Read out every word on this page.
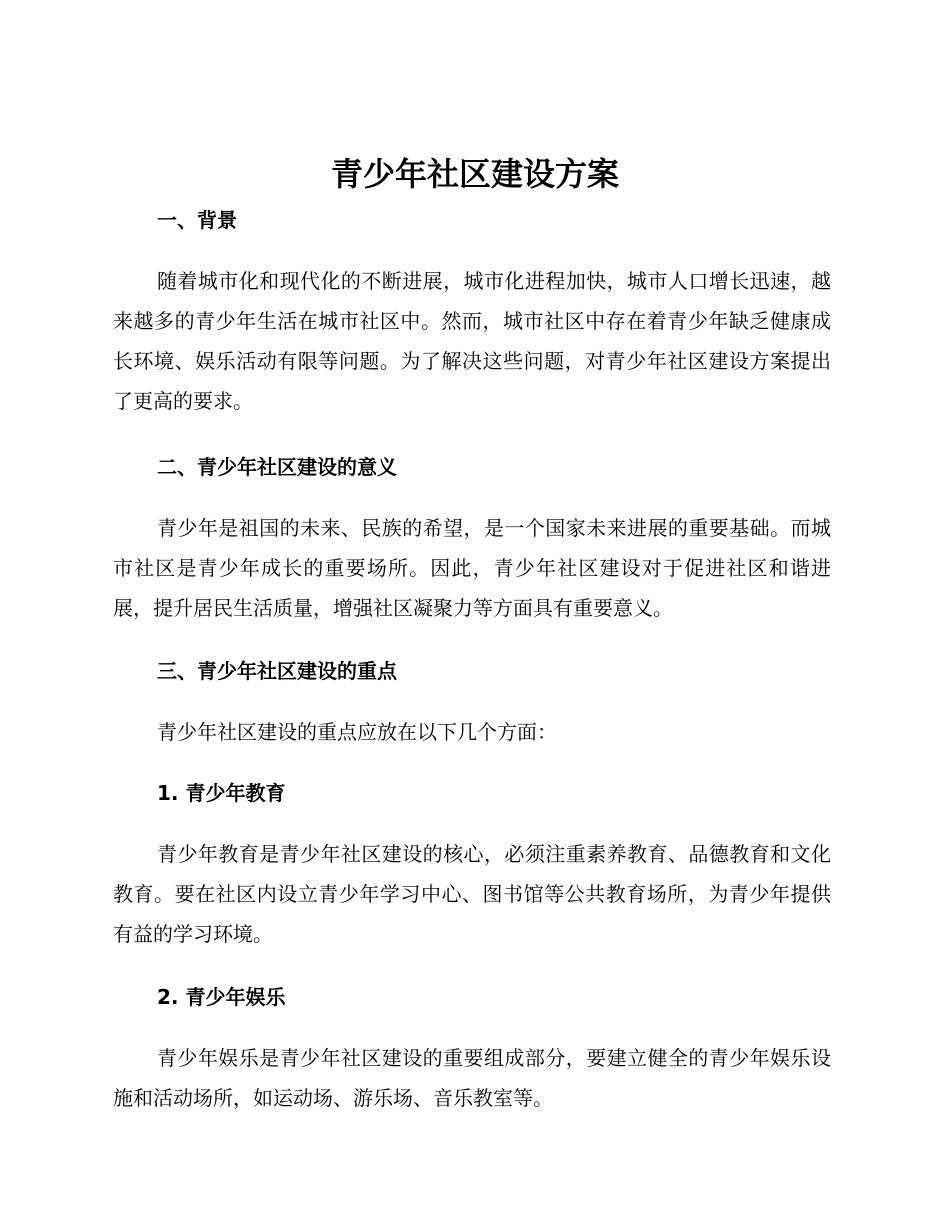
青少年社区建设方案
一、背景

随着城市化和现代化的不断进展，城市化进程加快，城市人口增长迅速，越来越多的青少年生活在城市社区中。然而，城市社区中存在着青少年缺乏健康成长环境、娱乐活动有限等问题。为了解决这些问题，对青少年社区建设方案提出了更高的要求。

二、青少年社区建设的意义

青少年是祖国的未来、民族的希望，是一个国家未来进展的重要基础。而城市社区是青少年成长的重要场所。因此，青少年社区建设对于促进社区和谐进展，提升居民生活质量，增强社区凝聚力等方面具有重要意义。

三、青少年社区建设的重点

青少年社区建设的重点应放在以下几个方面：

1. 青少年教育

青少年教育是青少年社区建设的核心，必须注重素养教育、品德教育和文化教育。要在社区内设立青少年学习中心、图书馆等公共教育场所，为青少年提供有益的学习环境。

2. 青少年娱乐

青少年娱乐是青少年社区建设的重要组成部分，要建立健全的青少年娱乐设施和活动场所，如运动场、游乐场、音乐教室等。
